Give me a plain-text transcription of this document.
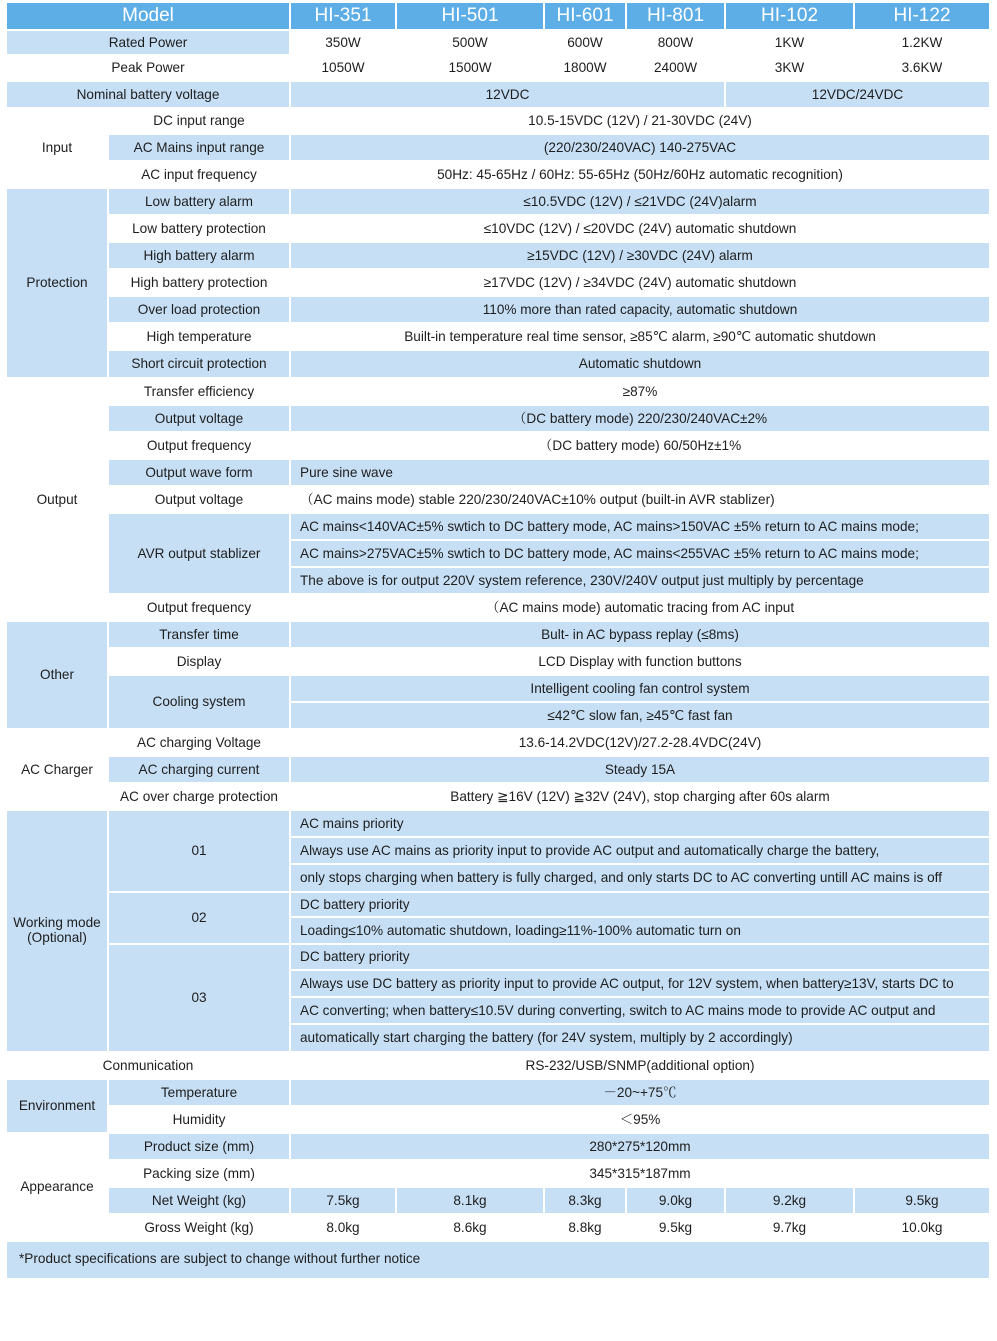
Model		HI-351	HI-501	HI-601	HI-801	HI-102	HI-122
Rated Power		350W	500W	600W	800W	1KW	1.2KW
Peak Power		1050W	1500W	1800W	2400W	3KW	3.6KW
Nominal battery voltage		12VDC				12VDC/24VDC	
Input	DC input range	10.5-15VDC (12V) / 21-30VDC (24V)					
	AC Mains input range	(220/230/240VAC) 140-275VAC					
	AC input frequency	50Hz: 45-65Hz / 60Hz: 55-65Hz (50Hz/60Hz automatic recognition)					
Protection	Low battery alarm	≤10.5VDC (12V) / ≤21VDC (24V)alarm					
	Low battery protection	≤10VDC (12V) / ≤20VDC (24V) automatic shutdown					
	High battery alarm	≥15VDC (12V) / ≥30VDC (24V) alarm					
	High battery protection	≥17VDC (12V) / ≥34VDC (24V) automatic shutdown					
	Over load protection	110% more than rated capacity, automatic shutdown					
	High temperature	Built-in temperature real time sensor, ≥85℃ alarm, ≥90℃ automatic shutdown					
	Short circuit protection	Automatic shutdown					
Output	Transfer efficiency	≥87%					
	Output voltage	（DC battery mode) 220/230/240VAC±2%					
	Output frequency	（DC battery mode) 60/50Hz±1%					
	Output wave form	Pure sine wave					
	Output voltage	（AC mains mode) stable 220/230/240VAC±10% output (built-in AVR stablizer)					
	AVR output stablizer	AC mains<140VAC±5% swtich to DC battery mode, AC mains>150VAC ±5% return to AC mains mode;					
		AC mains>275VAC±5% swtich to DC battery mode, AC mains<255VAC ±5% return to AC mains mode;					
		The above is for output 220V system reference, 230V/240V output just multiply by percentage					
	Output frequency	（AC mains mode) automatic tracing from AC input					
Other	Transfer time	Bult- in AC bypass replay (≤8ms)					
	Display	LCD Display with function buttons					
	Cooling system	Intelligent cooling fan control system					
		≤42℃ slow fan, ≥45℃ fast fan					
AC Charger	AC charging Voltage	13.6-14.2VDC(12V)/27.2-28.4VDC(24V)					
	AC charging current	Steady 15A					
	AC over charge protection	Battery ≧16V (12V) ≧32V (24V), stop charging after 60s alarm					

Working mode
(Optional)	01	AC mains priority					
		Always use AC mains as priority input to provide AC output and automatically charge the battery,					
		only stops charging when battery is fully charged, and only starts DC to AC converting untill AC mains is off					
	02	DC battery priority					
		Loading≤10% automatic shutdown, loading≥11%-100% automatic turn on					
	03	DC battery priority					
		Always use DC battery as priority input to provide AC output, for 12V system, when battery≥13V, starts DC to					
		AC converting; when battery≤10.5V during converting, switch to AC mains mode to provide AC output and					
		automatically start charging the battery (for 24V system, multiply by 2 accordingly)					
Conmunication		RS-232/USB/SNMP(additional option)					
Environment	Temperature	－20~+75℃					
	Humidity	＜95%					
Appearance	Product size (mm)	280*275*120mm					
	Packing size (mm)	345*315*187mm					
	Net Weight (kg)	7.5kg	8.1kg	8.3kg	9.0kg	9.2kg	9.5kg
	Gross Weight (kg)	8.0kg	8.6kg	8.8kg	9.5kg	9.7kg	10.0kg
*Product specifications are subject to change without further notice							
